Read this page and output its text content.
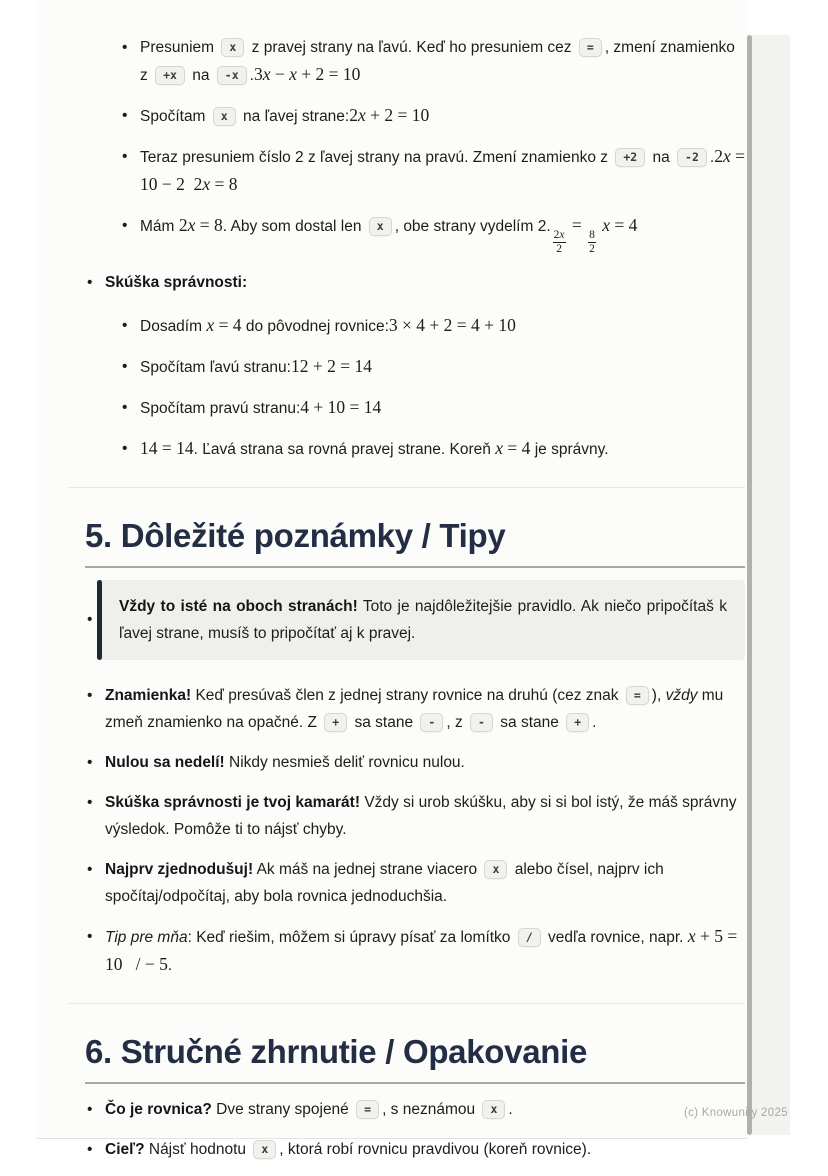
• Presuniem x z pravej strany na ľavú. Keď ho presuniem cez = , zmení znamienko z +x na -x .3x − x + 2 = 10
• Spočítam x na ľavej strane:2x + 2 = 10
• Teraz presuniem číslo 2 z ľavej strany na pravú. Zmení znamienko z +2 na -2 .2x = 10 − 2  2x = 8
• Mám 2x = 8. Aby som dostal len x , obe strany vydelím 2.
$\frac{2x}{2}$
=
$\frac{8}{2}$
x = 4
• Skúška správnosti:
• Dosadím x = 4 do pôvodnej rovnice:3 × 4 + 2 = 4 + 10
• Spočítam ľavú stranu:12 + 2 = 14
• Spočítam pravú stranu:4 + 10 = 14
• 14 = 14. Ľavá strana sa rovná pravej strane. Koreň x = 4 je správny.
5. Dôležité poznámky / Tipy
• Vždy to isté na oboch stranách! Toto je najdôležitejšie pravidlo. Ak niečo pripočítaš k ľavej strane, musíš to pripočítať aj k pravej.
• Znamienka! Keď presúvaš člen z jednej strany rovnice na druhú (cez znak = ), vždy mu zmeň znamienko na opačné. Z + sa stane - , z - sa stane + .
• Nulou sa nedelí! Nikdy nesmieš deliť rovnicu nulou.
• Skúška správnosti je tvoj kamarát! Vždy si urob skúšku, aby si si bol istý, že máš správny výsledok. Pomôže ti to nájsť chyby.
• Najprv zjednodušuj! Ak máš na jednej strane viacero x alebo čísel, najprv ich spočítaj/odpočítaj, aby bola rovnica jednoduchšia.
• Tip pre mňa: Keď riešim, môžem si úpravy písať za lomítko / vedľa rovnice, napr. x + 5 = 10   / − 5.
6. Stručné zhrnutie / Opakovanie
• Čo je rovnica? Dve strany spojené = , s neznámou x .
• Cieľ? Nájsť hodnotu x , ktorá robí rovnicu pravdivou (koreň rovnice).
(c) Knowunity 2025
